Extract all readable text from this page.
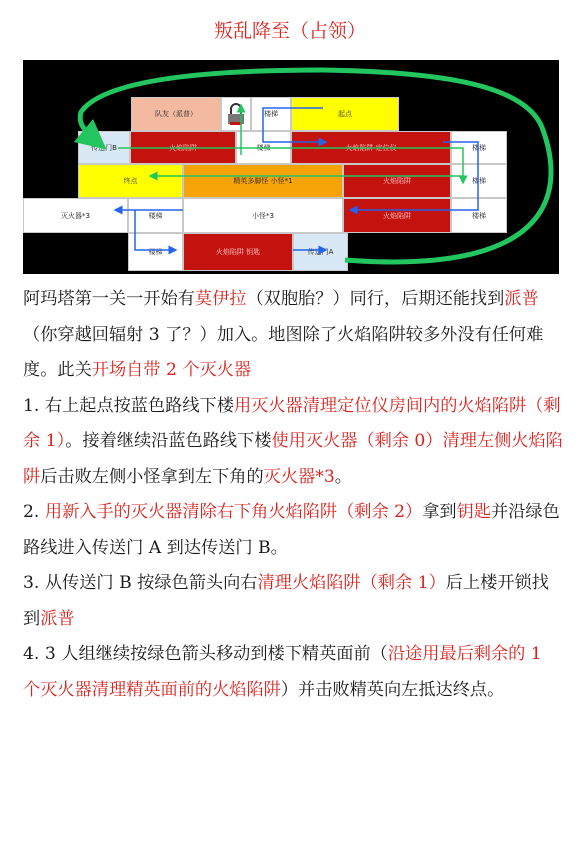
叛乱降至（占领）
队友（派普）	楼梯	起点
传送门B	火焰陷阱	楼梯	火焰陷阱 定位仪	楼梯
终点	精英多脚怪 小怪*1	火焰陷阱	楼梯
灭火器*3	楼梯	小怪*3	火焰陷阱	楼梯
楼梯	火焰陷阱 钥匙	传送门A

阿玛塔第一关一开始有莫伊拉（双胞胎？）同行，后期还能找到派普（你穿越回辐射 3 了？）加入。地图除了火焰陷阱较多外没有任何难度。此关开场自带 2 个灭火器

1. 右上起点按蓝色路线下楼用灭火器清理定位仪房间内的火焰陷阱（剩余 1）。接着继续沿蓝色路线下楼使用灭火器（剩余 0）清理左侧火焰陷阱后击败左侧小怪拿到左下角的灭火器*3。

2. 用新入手的灭火器清除右下角火焰陷阱（剩余 2）拿到钥匙并沿绿色路线进入传送门 A 到达传送门 B。

3. 从传送门 B 按绿色箭头向右清理火焰陷阱（剩余 1）后上楼开锁找到派普

4. 3 人组继续按绿色箭头移动到楼下精英面前（沿途用最后剩余的 1 个灭火器清理精英面前的火焰陷阱）并击败精英向左抵达终点。
